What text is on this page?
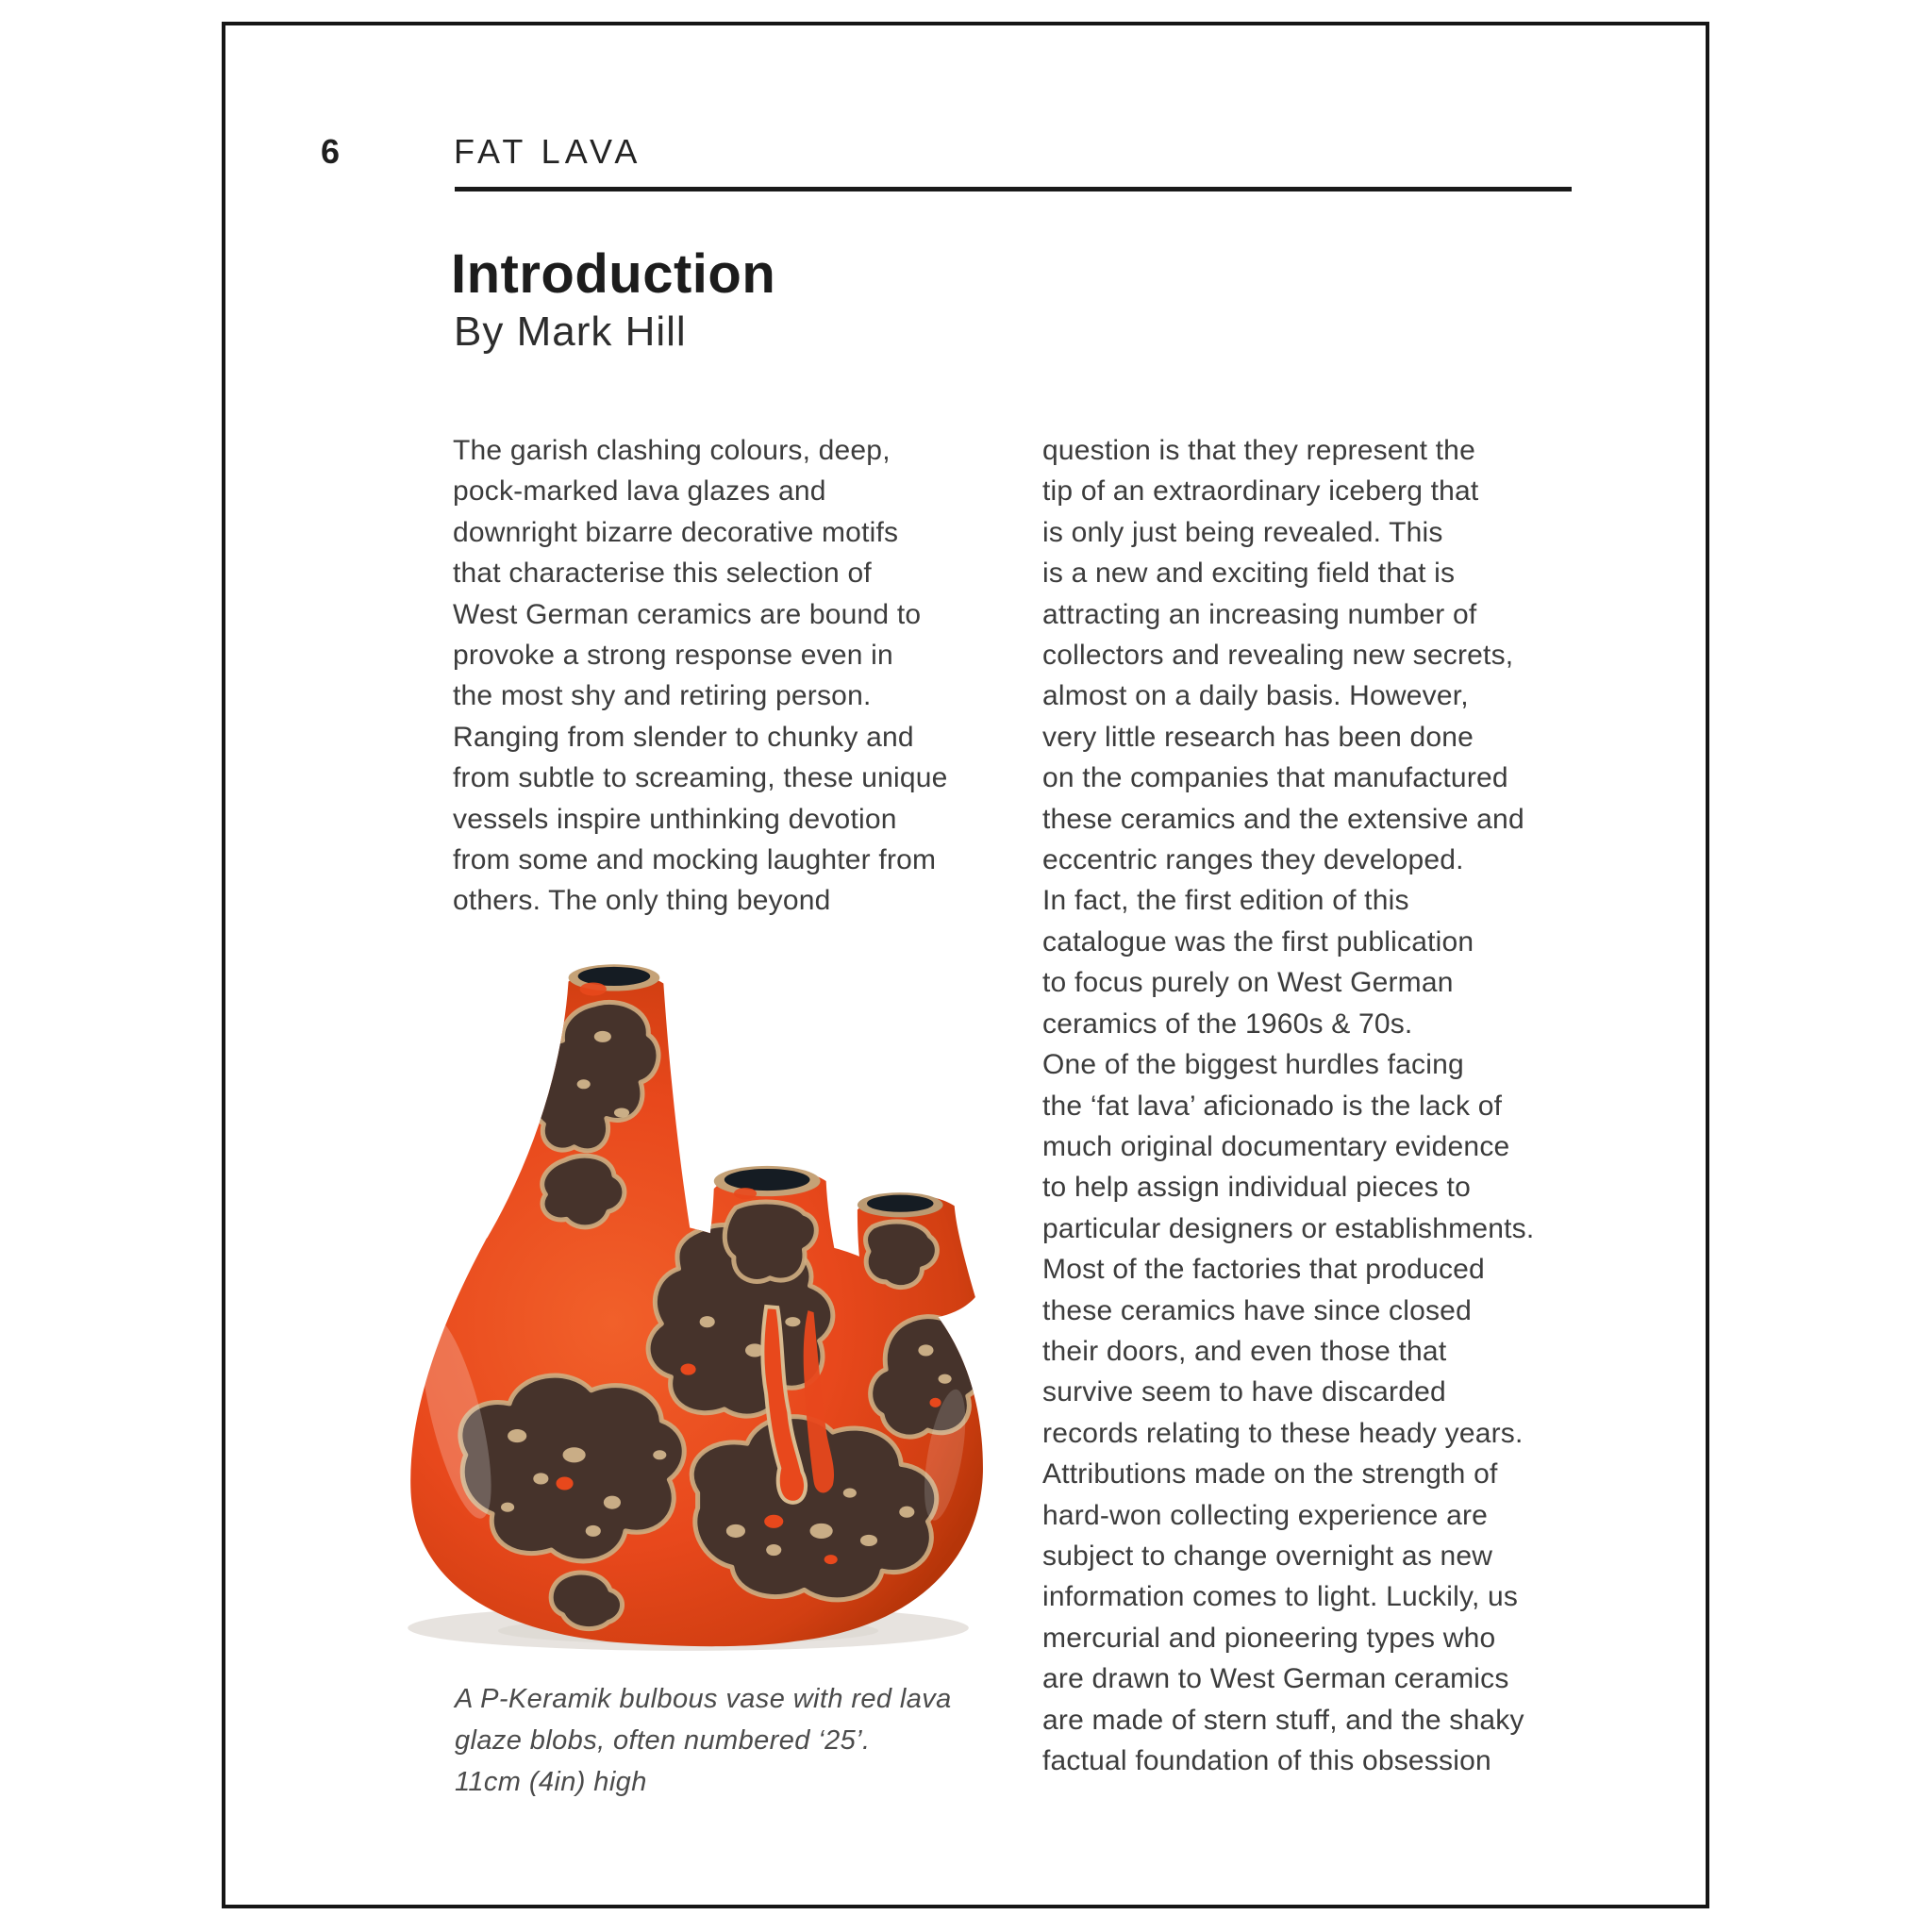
6	FAT LAVA
Introduction
By Mark Hill
The garish clashing colours, deep,
pock-marked lava glazes and
downright bizarre decorative motifs
that characterise this selection of
West German ceramics are bound to
provoke a strong response even in
the most shy and retiring person.
Ranging from slender to chunky and
from subtle to screaming, these unique
vessels inspire unthinking devotion
from some and mocking laughter from
others. The only thing beyond
question is that they represent the
tip of an extraordinary iceberg that
is only just being revealed. This
is a new and exciting field that is
attracting an increasing number of
collectors and revealing new secrets,
almost on a daily basis. However,
very little research has been done
on the companies that manufactured
these ceramics and the extensive and
eccentric ranges they developed.
In fact, the first edition of this
catalogue was the first publication
to focus purely on West German
ceramics of the 1960s & 70s.
One of the biggest hurdles facing
the ‘fat lava’ aficionado is the lack of
much original documentary evidence
to help assign individual pieces to
particular designers or establishments.
Most of the factories that produced
these ceramics have since closed
their doors, and even those that
survive seem to have discarded
records relating to these heady years.
Attributions made on the strength of
hard-won collecting experience are
subject to change overnight as new
information comes to light. Luckily, us
mercurial and pioneering types who
are drawn to West German ceramics
are made of stern stuff, and the shaky
factual foundation of this obsession
A P-Keramik bulbous vase with red lava
glaze blobs, often numbered ‘25’.
11cm (4in) high
